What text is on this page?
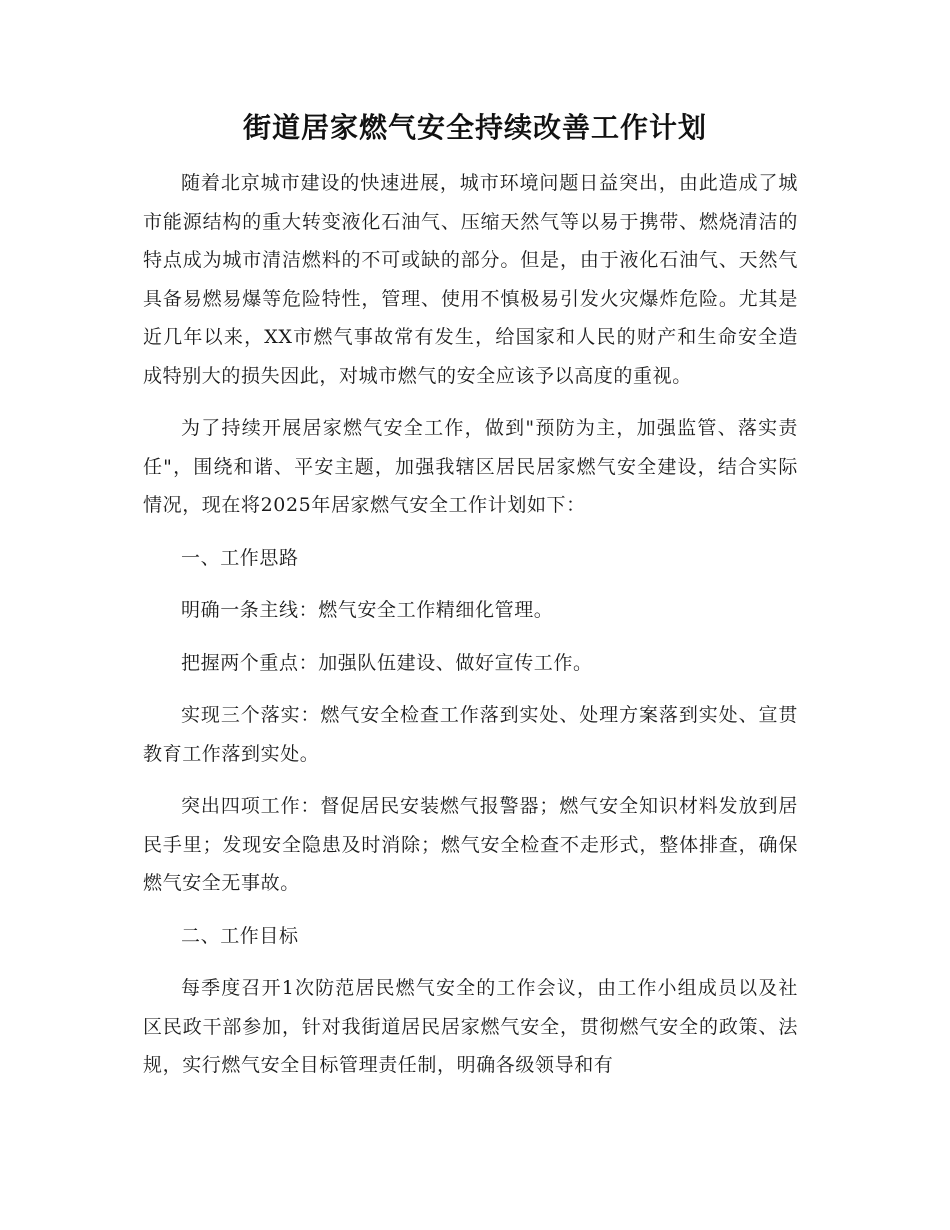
街道居家燃气安全持续改善工作计划

随着北京城市建设的快速进展，城市环境问题日益突出，由此造成了城市能源结构的重大转变液化石油气、压缩天然气等以易于携带、燃烧清洁的特点成为城市清洁燃料的不可或缺的部分。但是，由于液化石油气、天然气具备易燃易爆等危险特性，管理、使用不慎极易引发火灾爆炸危险。尤其是近几年以来，XX市燃气事故常有发生，给国家和人民的财产和生命安全造成特别大的损失因此，对城市燃气的安全应该予以高度的重视。

为了持续开展居家燃气安全工作，做到"预防为主，加强监管、落实责任"，围绕和谐、平安主题，加强我辖区居民居家燃气安全建设，结合实际情况，现在将2025年居家燃气安全工作计划如下：

一、工作思路

明确一条主线：燃气安全工作精细化管理。

把握两个重点：加强队伍建设、做好宣传工作。

实现三个落实：燃气安全检查工作落到实处、处理方案落到实处、宣贯教育工作落到实处。

突出四项工作：督促居民安装燃气报警器；燃气安全知识材料发放到居民手里；发现安全隐患及时消除；燃气安全检查不走形式，整体排查，确保燃气安全无事故。

二、工作目标

每季度召开1次防范居民燃气安全的工作会议，由工作小组成员以及社区民政干部参加，针对我街道居民居家燃气安全，贯彻燃气安全的政策、法规，实行燃气安全目标管理责任制，明确各级领导和有
